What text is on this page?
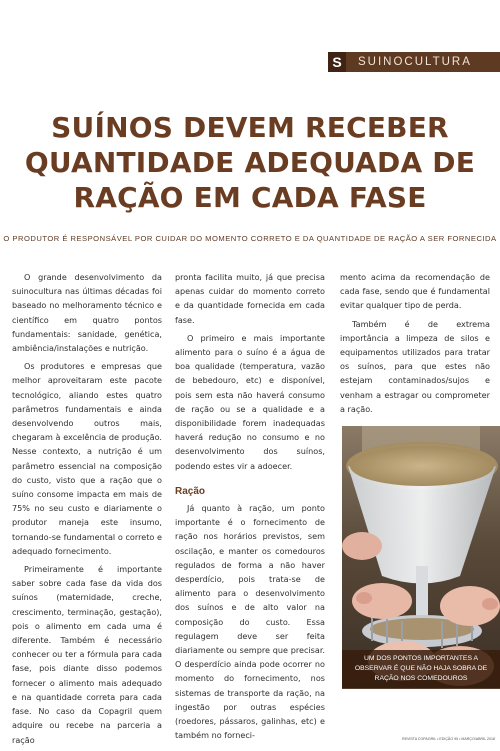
S	SUINOCULTURA
SUÍNOS DEVEM RECEBER
QUANTIDADE ADEQUADA DE
RAÇÃO EM CADA FASE
O PRODUTOR É RESPONSÁVEL POR CUIDAR DO MOMENTO CORRETO E DA QUANTIDADE DE RAÇÃO A SER FORNECIDA

O grande desenvolvimento da suinocultura nas últimas décadas foi baseado no melhoramento técnico e científico em quatro pontos fundamentais: sanidade, genética, ambiência/instalações e nutrição.

Os produtores e empresas que melhor aproveitaram este pacote tecnológico, aliando estes quatro parâmetros fundamentais e ainda desenvolvendo outros mais, chegaram à excelência de produção. Nesse contexto, a nutrição é um parâmetro essencial na composição do custo, visto que a ração que o suíno consome impacta em mais de 75% no seu custo e diariamente o produtor maneja este insumo, tornando-se fundamental o correto e adequado fornecimento.

Primeiramente é importante saber sobre cada fase da vida dos suínos (maternidade, creche, crescimento, terminação, gestação), pois o alimento em cada uma é diferente. Também é necessário conhecer ou ter a fórmula para cada fase, pois diante disso podemos fornecer o alimento mais adequado e na quantidade correta para cada fase. No caso da Copagril quem adquire ou recebe na parceria a ração

pronta facilita muito, já que precisa apenas cuidar do momento correto e da quantidade fornecida em cada fase.

O primeiro e mais importante alimento para o suíno é a água de boa qualidade (temperatura, vazão de bebedouro, etc) e disponível, pois sem esta não haverá consumo de ração ou se a qualidade e a disponibilidade forem inadequadas haverá redução no consumo e no desenvolvimento dos suínos, podendo estes vir a adoecer.

Ração

Já quanto à ração, um ponto importante é o fornecimento de ração nos horários previstos, sem oscilação, e manter os comedouros regulados de forma a não haver desperdício, pois trata-se de alimento para o desenvolvimento dos suínos e de alto valor na composição do custo. Essa regulagem deve ser feita diariamente ou sempre que precisar. O desperdício ainda pode ocorrer no momento do fornecimento, nos sistemas de transporte da ração, na ingestão por outras espécies (roedores, pássaros, galinhas, etc) e também no forneci-

mento acima da recomendação de cada fase, sendo que é fundamental evitar qualquer tipo de perda.

Também é de extrema importância a limpeza de silos e equipamentos utilizados para tratar os suínos, para que estes não estejam contaminados/sujos e venham a estragar ou comprometer a ração.

UM DOS PONTOS IMPORTANTES A OBSERVAR É QUE NÃO HAJA SOBRA DE RAÇÃO NOS COMEDOUROS
REVISTA COPAGRIL • EDIÇÃO 95 • MARÇO/ABRIL 2018
